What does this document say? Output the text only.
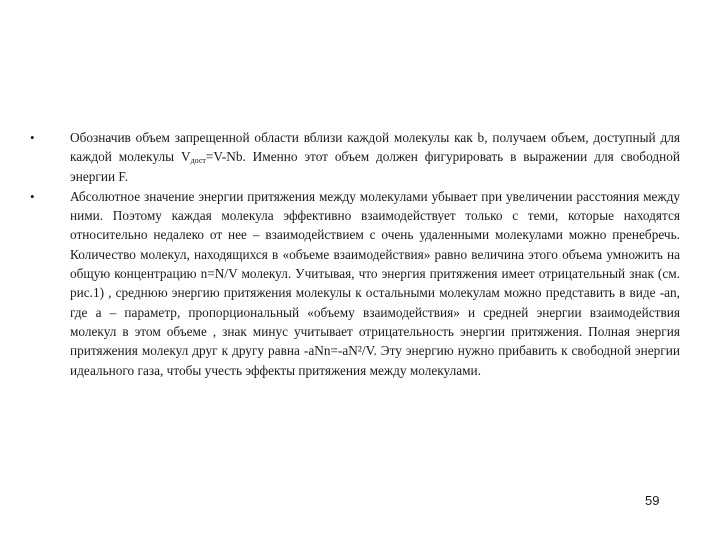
•	Обозначив объем запрещенной области вблизи каждой молекулы как b, получаем объем, доступный для каждой молекулы $V_{дост}=V-Nb$. Именно этот объем должен фигурировать в выражении для свободной энергии F.
•	Абсолютное значение энергии притяжения между молекулами убывает при увеличении расстояния между ними. Поэтому каждая молекула эффективно взаимодействует только с теми, которые находятся относительно недалеко от нее – взаимодействием с очень удаленными молекулами можно пренебречь. Количество молекул, находящихся в «объеме взаимодействия» равно величина этого объема умножить на общую концентрацию n=N/V молекул. Учитывая, что энергия притяжения имеет отрицательный знак (см. рис.1) , среднюю энергию притяжения молекулы к остальными молекулам можно представить в виде -an, где a – параметр, пропорциональный «объему взаимодействия» и средней энергии взаимодействия молекул в этом объеме , знак минус учитывает отрицательность энергии притяжения. Полная энергия притяжения молекул друг к другу равна -aNn=-aN²/V. Эту энергию нужно прибавить к свободной энергии идеального газа, чтобы учесть эффекты притяжения между молекулами.
59
